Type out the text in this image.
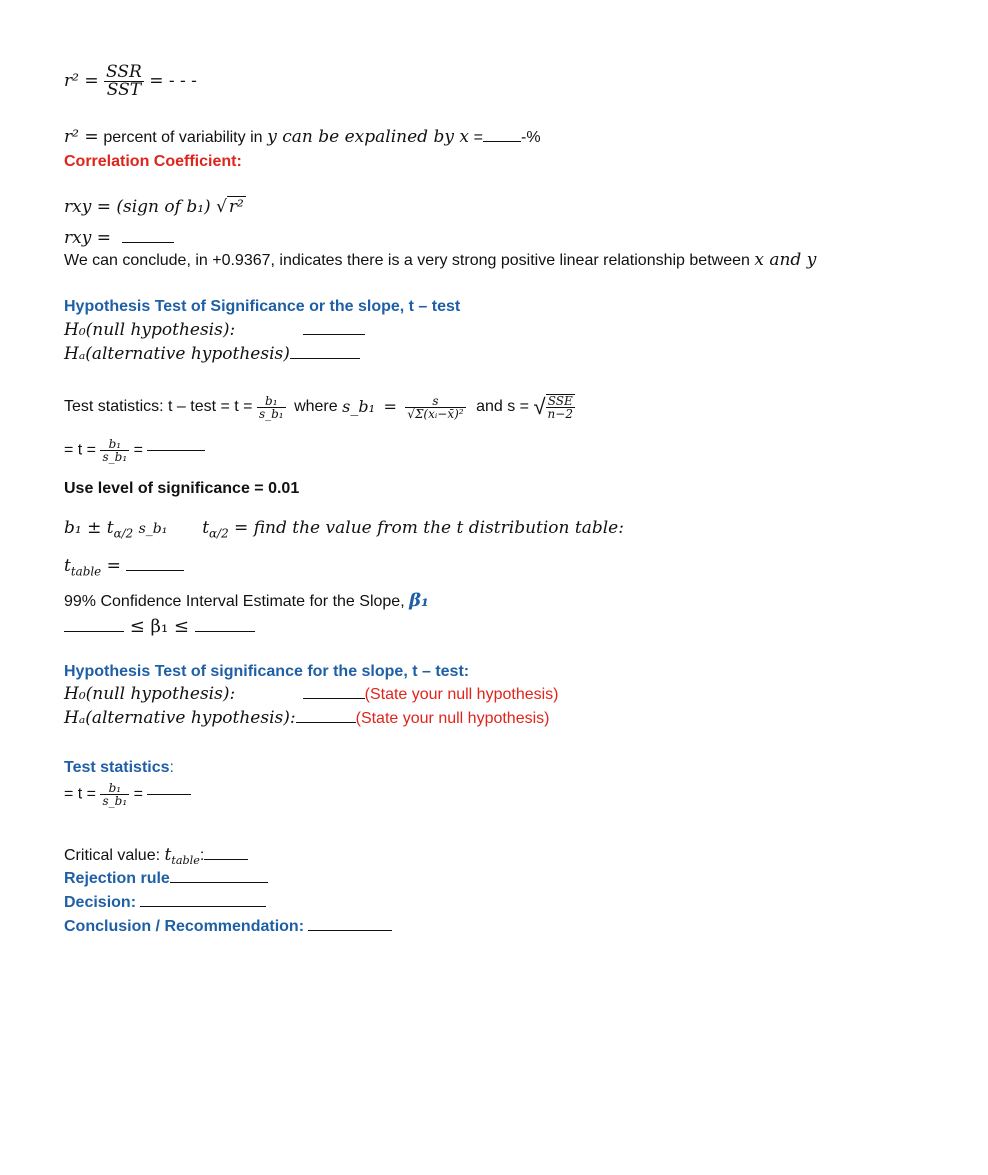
$r^2 = \frac{\text{SSR}}{\text{SST}}$ = - - -
r² = percent of variability in y can be expalined by x = -%
Correlation Coefficient:
rxy = (sign of b₁) √ r²
rxy =
We can conclude, in +0.9367, indicates there is a very strong positive linear relationship between x and y
Hypothesis Test of Significance or the slope, t – test
H₀(null hypothesis):
Hₐ(alternative hypothesis)
Test statistics: t – test = $t = \frac{\text{b₁}}{\text{s\_b₁}}$ where s_b₁ = $\frac{s}{\text{√Σ(xᵢ−x̄)²}}$ and s = √ $\frac{\text{SSE}}{n-2}$
= $t = \frac{\text{b₁}}{\text{s\_b₁}}$ =
Use level of significance = 0.01
$b_1 \pm t_{\alpha/2}$ s_b₁ $t_{\alpha/2}$ = find the value from the t distribution table:
$t_{table}$ =
99% Confidence Interval Estimate for the Slope, β₁
≤ β₁ ≤
Hypothesis Test of significance for the slope, t – test:
H₀(null hypothesis):	(State your null hypothesis)
Hₐ(alternative hypothesis):	(State your null hypothesis)
Test statistics:
= $t = \frac{\text{b₁}}{\text{s\_b₁}}$ =
Critical value: $t_{table}$:
Rejection rule
Decision:
Conclusion / Recommendation:
